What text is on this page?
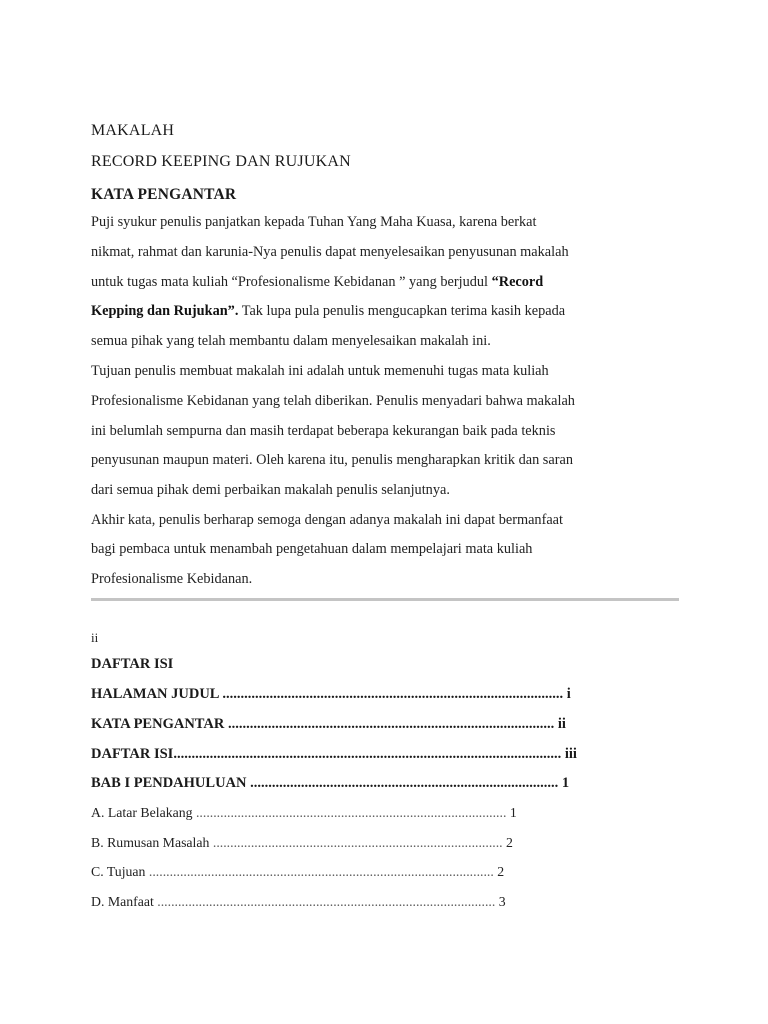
MAKALAH
RECORD KEEPING DAN RUJUKAN
KATA PENGANTAR
Puji syukur penulis panjatkan kepada Tuhan Yang Maha Kuasa, karena berkat
nikmat, rahmat dan karunia-Nya penulis dapat menyelesaikan penyusunan makalah
untuk tugas mata kuliah “Profesionalisme Kebidanan ” yang berjudul “Record
Kepping dan Rujukan”. Tak lupa pula penulis mengucapkan terima kasih kepada
semua pihak yang telah membantu dalam menyelesaikan makalah ini.
Tujuan penulis membuat makalah ini adalah untuk memenuhi tugas mata kuliah
Profesionalisme Kebidanan yang telah diberikan. Penulis menyadari bahwa makalah
ini belumlah sempurna dan masih terdapat beberapa kekurangan baik pada teknis
penyusunan maupun materi. Oleh karena itu, penulis mengharapkan kritik dan saran
dari semua pihak demi perbaikan makalah penulis selanjutnya.
Akhir kata, penulis berharap semoga dengan adanya makalah ini dapat bermanfaat
bagi pembaca untuk menambah pengetahuan dalam mempelajari mata kuliah
Profesionalisme Kebidanan.
ii
DAFTAR ISI
HALAMAN JUDUL .............................................................................................. i
KATA PENGANTAR .......................................................................................... ii
DAFTAR ISI........................................................................................................... iii
BAB I PENDAHULUAN ..................................................................................... 1
A. Latar Belakang .......................................................................................... 1
B. Rumusan Masalah .................................................................................... 2
C. Tujuan .................................................................................................... 2
D. Manfaat .................................................................................................. 3
